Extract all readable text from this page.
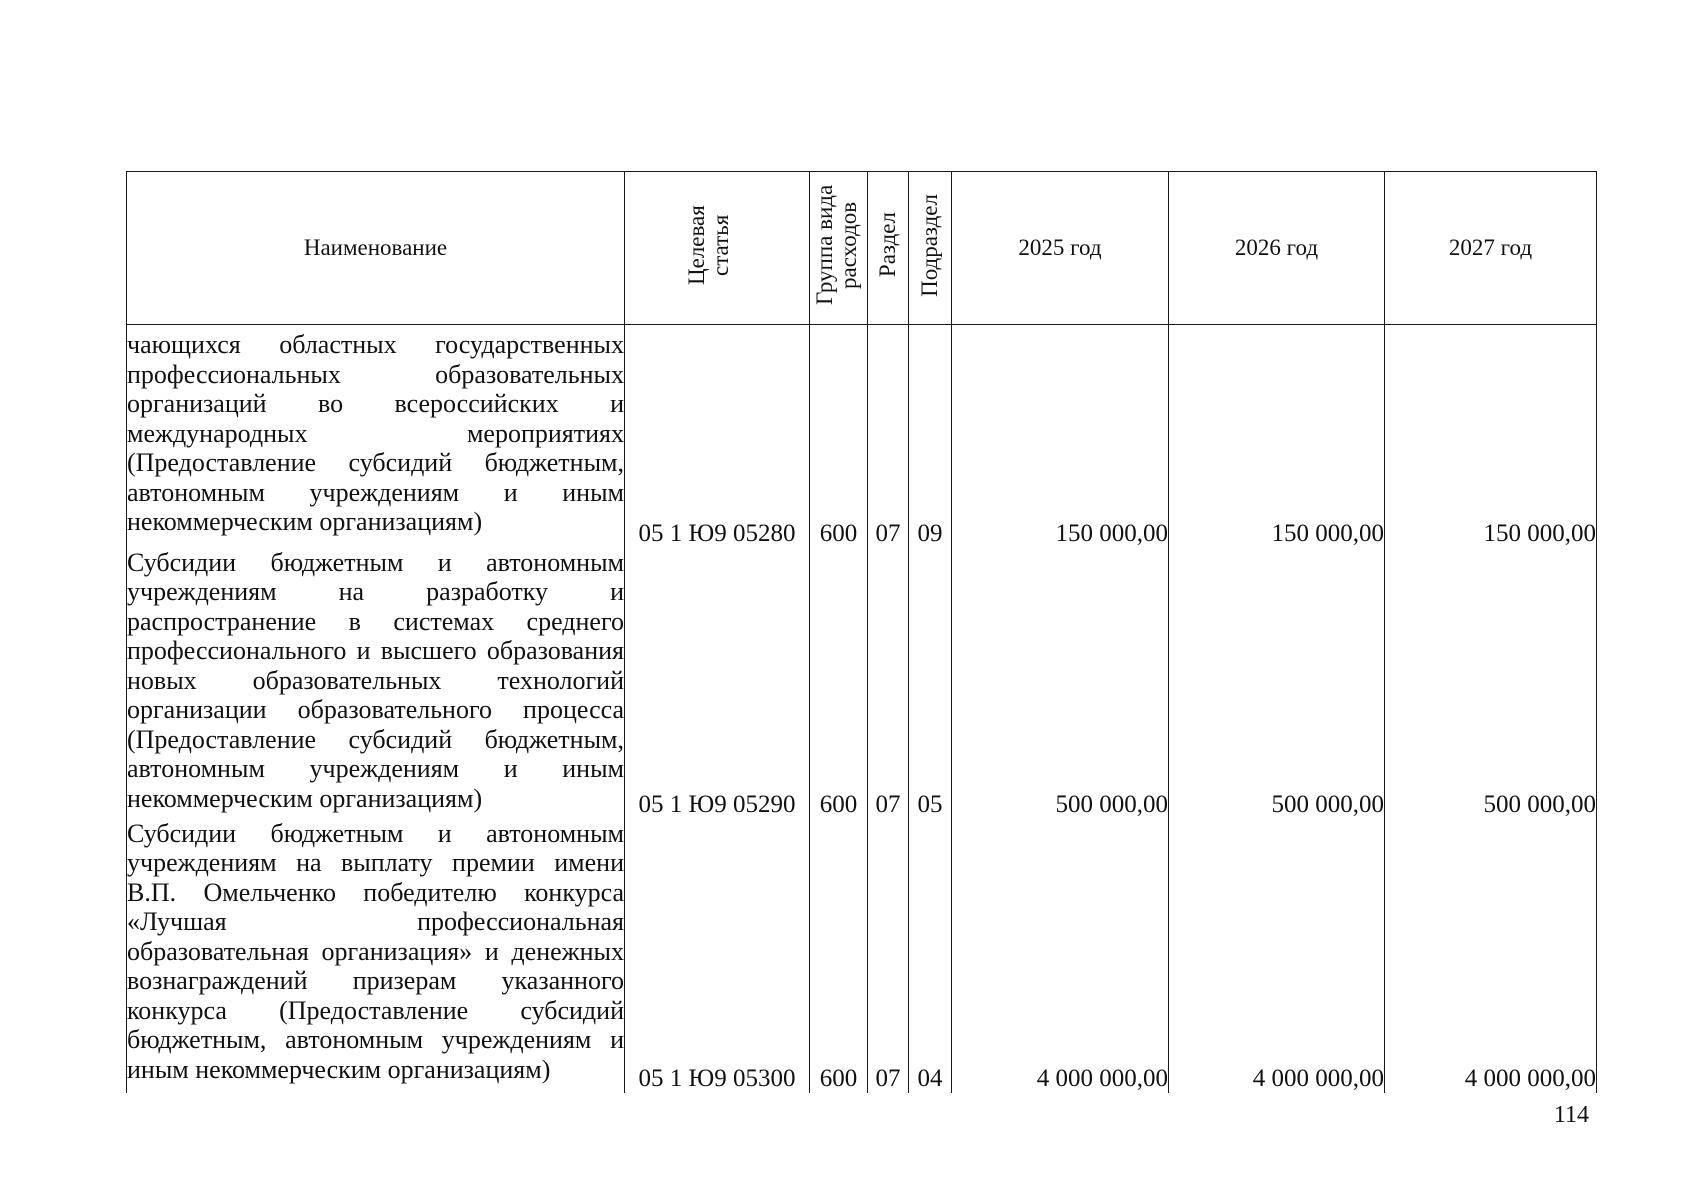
Наименование	Целевая статья	Группа вида расходов	Раздел	Подраздел	2025 год	2026 год	2027 год

чающихся областных государственных профессиональных образовательных организаций во всероссийских и международных мероприятиях (Предоставление субсидий бюджетным, автономным учреждениям и иным некоммерческим организациям)	05 1 Ю9 05280	600	07	09	150 000,00	150 000,00	150 000,00

Субсидии бюджетным и автономным учреждениям на разработку и распространение в системах среднего профессионального и высшего образования новых образовательных технологий организации образовательного процесса (Предоставление субсидий бюджетным, автономным учреждениям и иным некоммерческим организациям)	05 1 Ю9 05290	600	07	05	500 000,00	500 000,00	500 000,00

Субсидии бюджетным и автономным учреждениям на выплату премии имени В.П. Омельченко победителю конкурса «Лучшая профессиональная образовательная организация» и денежных вознаграждений призерам указанного конкурса (Предоставление субсидий бюджетным, автономным учреждениям и иным некоммерческим организациям)	05 1 Ю9 05300	600	07	04	4 000 000,00	4 000 000,00	4 000 000,00
114
